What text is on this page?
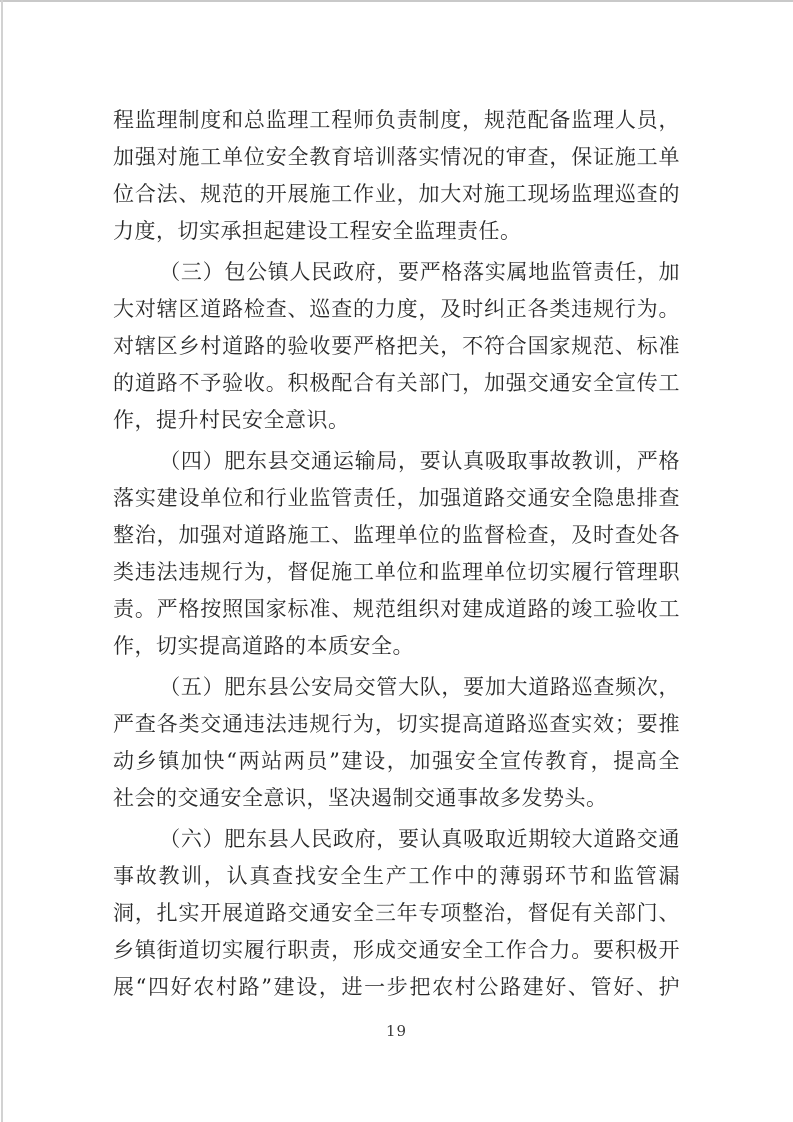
程监理制度和总监理工程师负责制度，规范配备监理人员，
加强对施工单位安全教育培训落实情况的审查，保证施工单
位合法、规范的开展施工作业，加大对施工现场监理巡查的
力度，切实承担起建设工程安全监理责任。
（三）包公镇人民政府，要严格落实属地监管责任，加
大对辖区道路检查、巡查的力度，及时纠正各类违规行为。
对辖区乡村道路的验收要严格把关，不符合国家规范、标准
的道路不予验收。积极配合有关部门，加强交通安全宣传工
作，提升村民安全意识。
（四）肥东县交通运输局，要认真吸取事故教训，严格
落实建设单位和行业监管责任，加强道路交通安全隐患排查
整治，加强对道路施工、监理单位的监督检查，及时查处各
类违法违规行为，督促施工单位和监理单位切实履行管理职
责。严格按照国家标准、规范组织对建成道路的竣工验收工
作，切实提高道路的本质安全。
（五）肥东县公安局交管大队，要加大道路巡查频次，
严查各类交通违法违规行为，切实提高道路巡查实效；要推
动乡镇加快“两站两员”建设，加强安全宣传教育，提高全
社会的交通安全意识，坚决遏制交通事故多发势头。
（六）肥东县人民政府，要认真吸取近期较大道路交通
事故教训，认真查找安全生产工作中的薄弱环节和监管漏
洞，扎实开展道路交通安全三年专项整治，督促有关部门、
乡镇街道切实履行职责，形成交通安全工作合力。要积极开
展“四好农村路”建设，进一步把农村公路建好、管好、护
19
